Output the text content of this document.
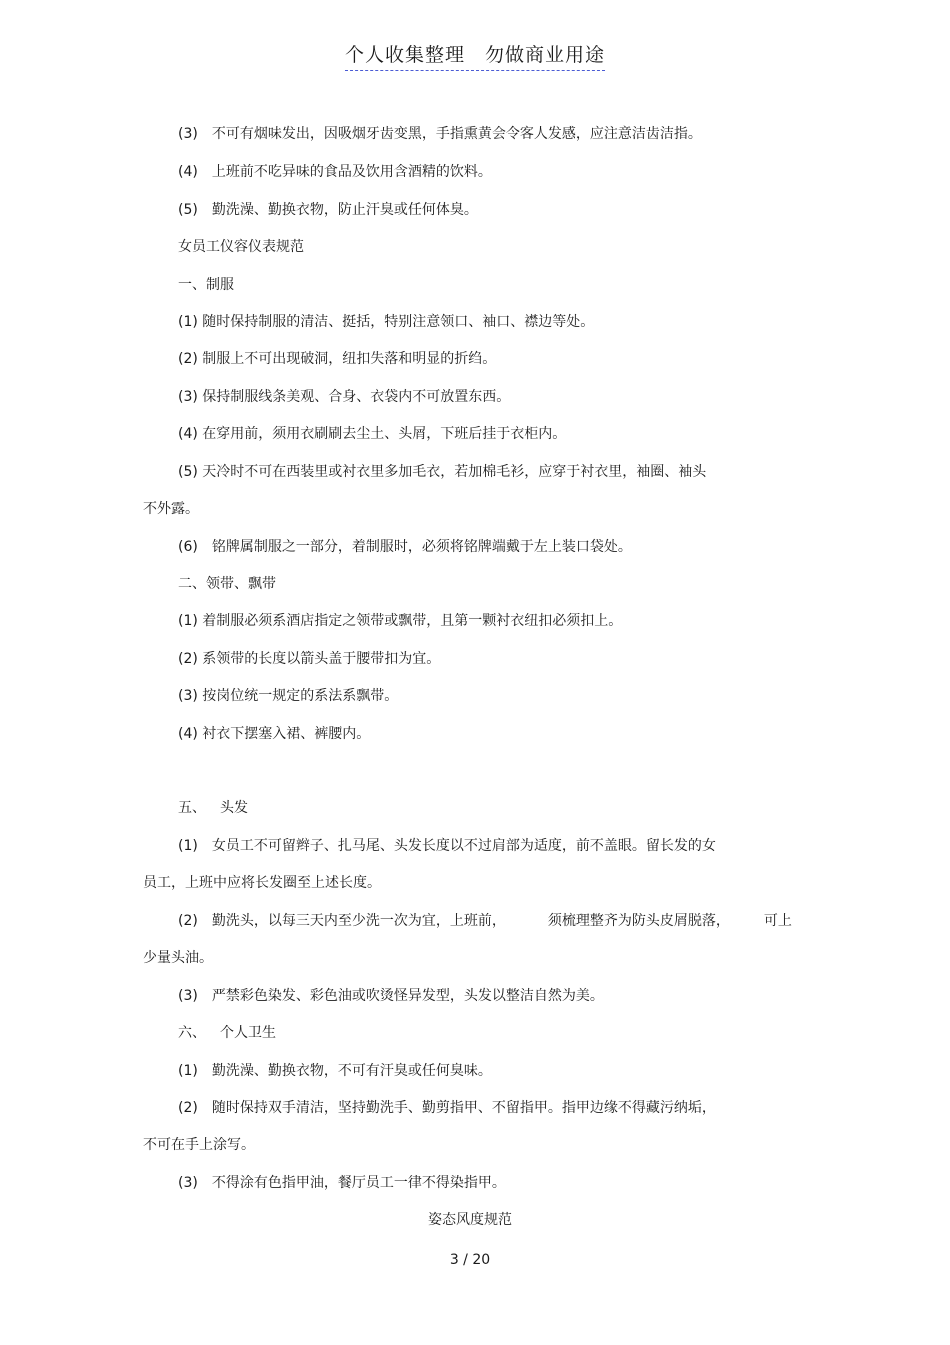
个人收集整理　勿做商业用途
(3) 不可有烟味发出，因吸烟牙齿变黑，手指熏黄会令客人发感，应注意洁齿洁指。
(4) 上班前不吃异味的食品及饮用含酒精的饮料。
(5) 勤洗澡、勤换衣物，防止汗臭或任何体臭。
女员工仪容仪表规范
一、制服
(1) 随时保持制服的清洁、挺括，特别注意领口、袖口、襟边等处。
(2) 制服上不可出现破洞，纽扣失落和明显的折绉。
(3) 保持制服线条美观、合身、衣袋内不可放置东西。
(4) 在穿用前，须用衣刷刷去尘土、头屑，下班后挂于衣柜内。
(5) 天冷时不可在西装里或衬衣里多加毛衣，若加棉毛衫，应穿于衬衣里，袖圈、袖头
不外露。
(6) 铭牌属制服之一部分，着制服时，必须将铭牌端戴于左上装口袋处。
二、领带、飘带
(1) 着制服必须系酒店指定之领带或飘带，且第一颗衬衣纽扣必须扣上。
(2) 系领带的长度以箭头盖于腰带扣为宜。
(3) 按岗位统一规定的系法系飘带。
(4) 衬衣下摆塞入裙、裤腰内。
五、 头发
(1) 女员工不可留辫子、扎马尾、头发长度以不过肩部为适度，前不盖眼。留长发的女
员工，上班中应将长发圈至上述长度。
(2) 勤洗头，以每三天内至少洗一次为宜，上班前，	须梳理整齐为防头皮屑脱落， 可上
少量头油。
(3) 严禁彩色染发、彩色油或吹烫怪异发型，头发以整洁自然为美。
六、 个人卫生
(1) 勤洗澡、勤换衣物，不可有汗臭或任何臭味。
(2) 随时保持双手清洁，坚持勤洗手、勤剪指甲、不留指甲。指甲边缘不得藏污纳垢，
不可在手上涂写。
(3) 不得涂有色指甲油，餐厅员工一律不得染指甲。
姿态风度规范
3 / 20
